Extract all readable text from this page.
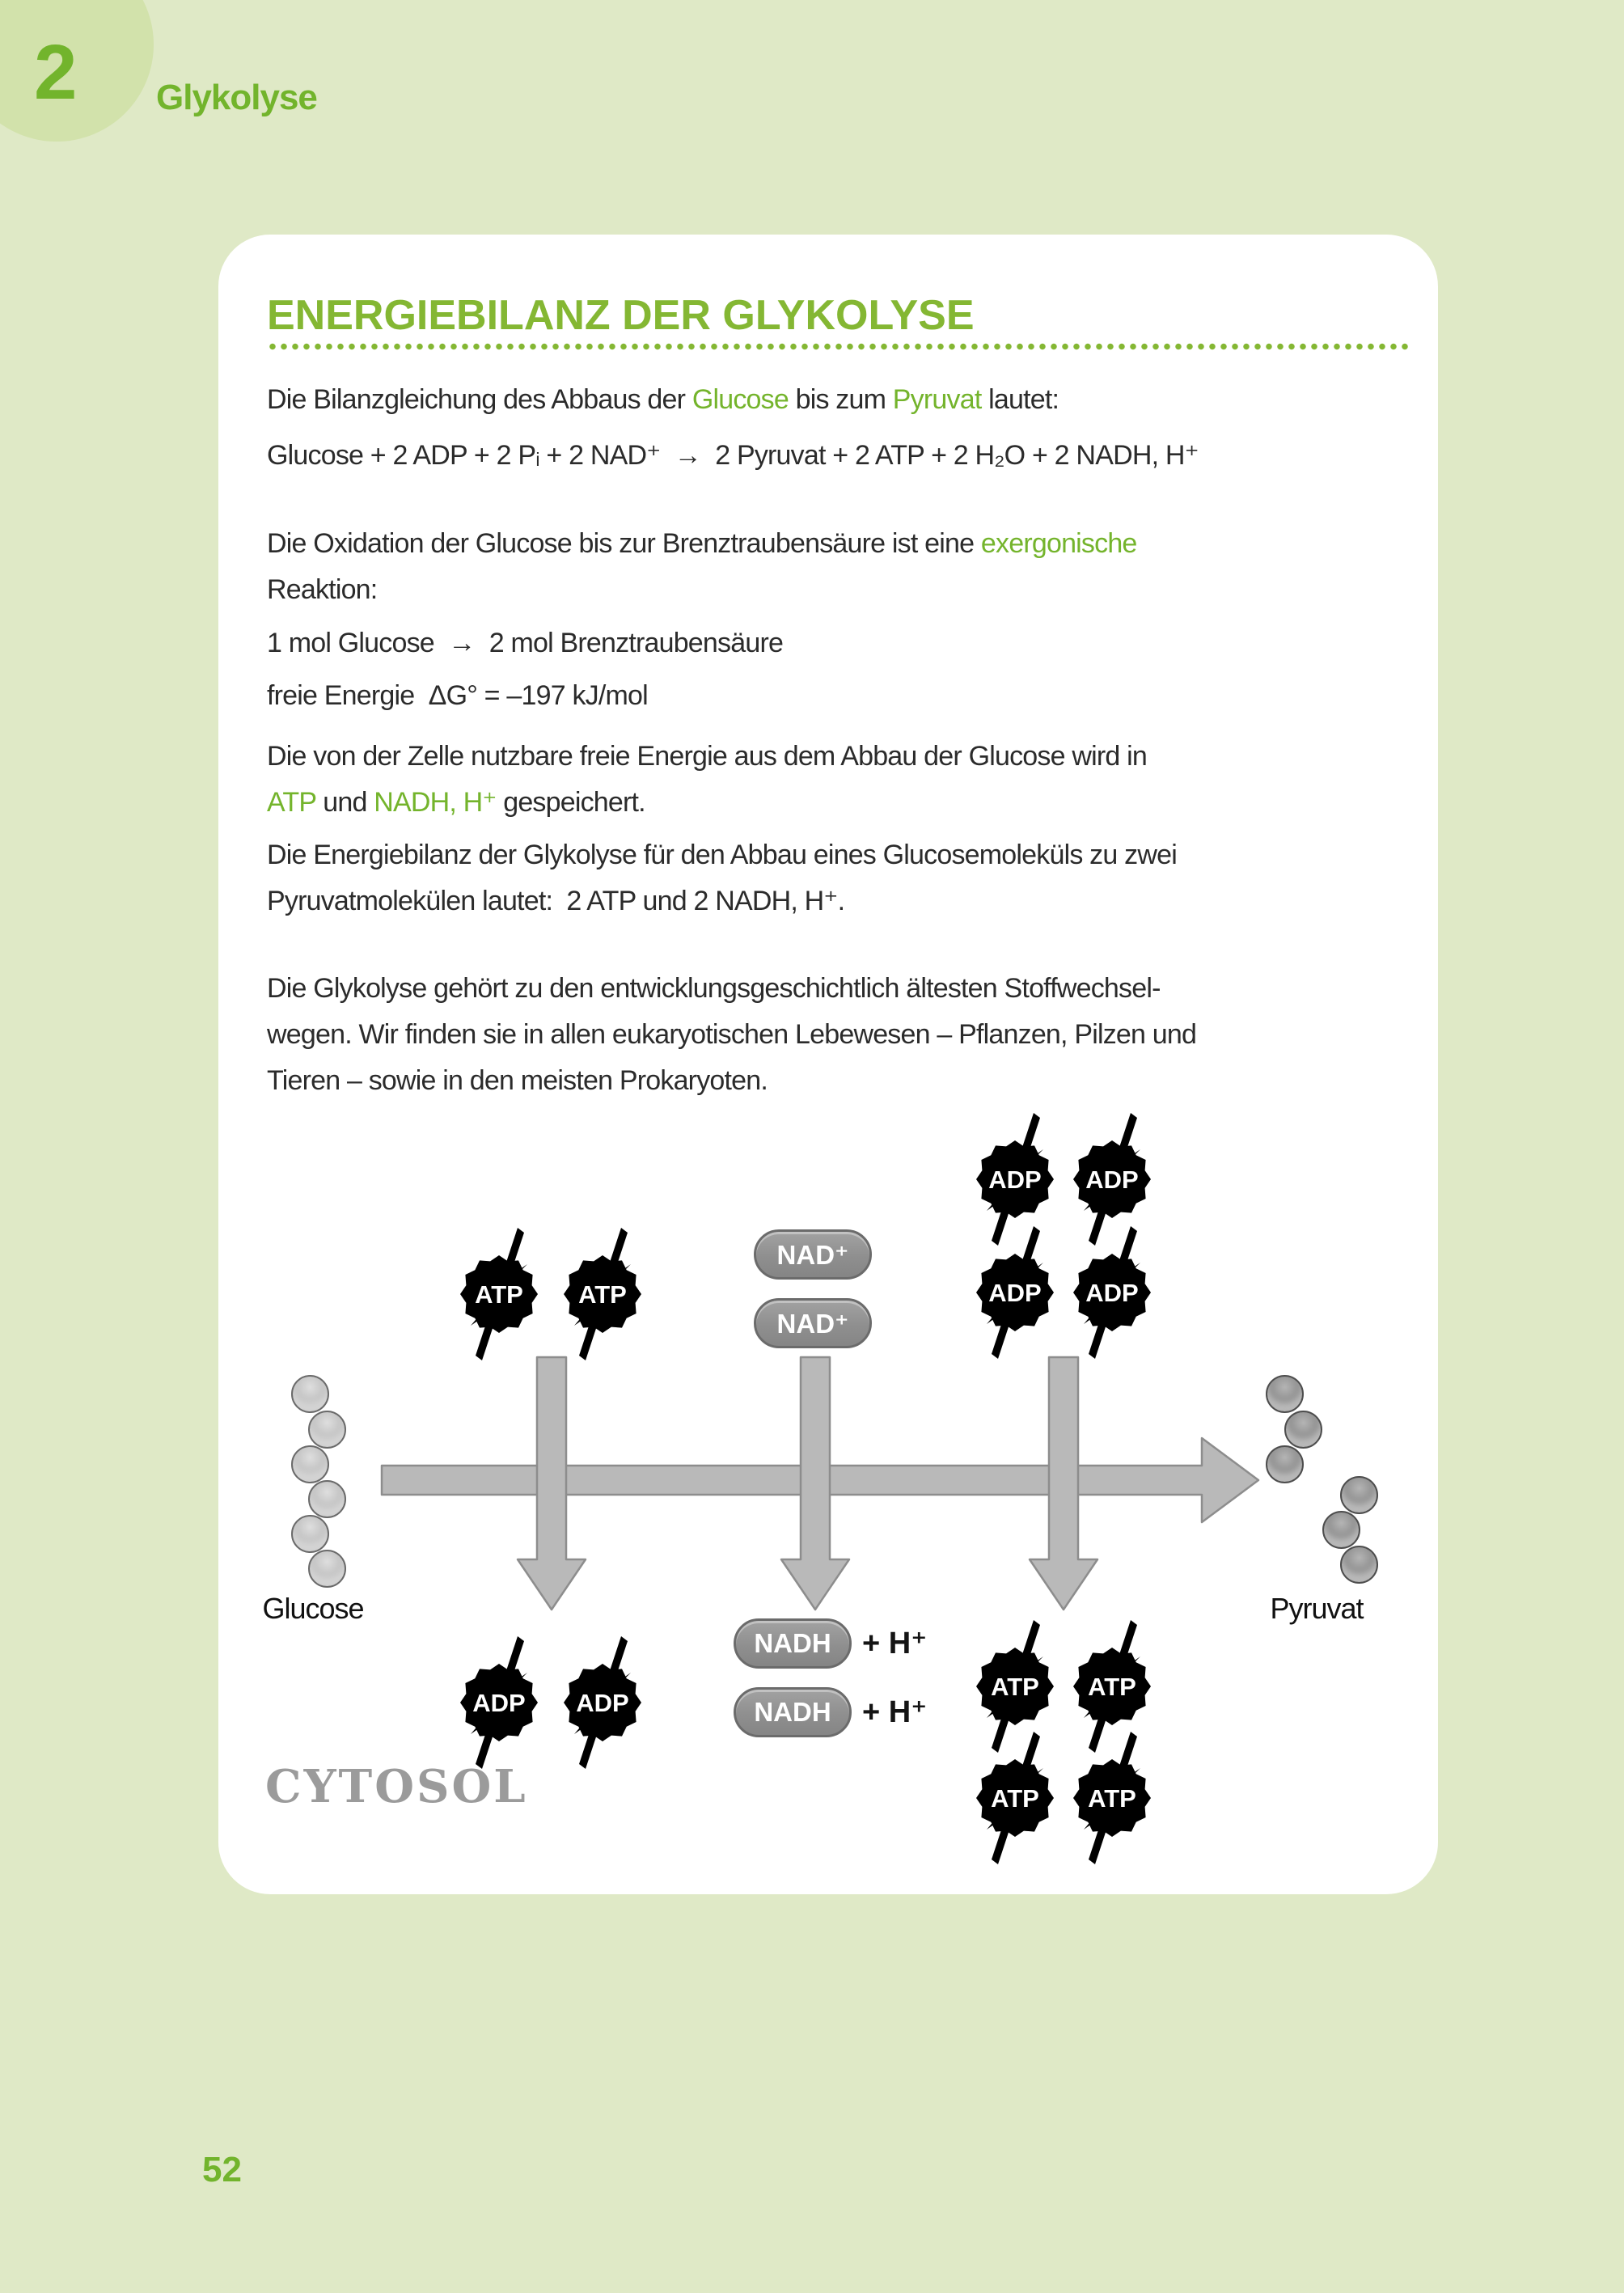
2 Glykolyse
ENERGIEBILANZ DER GLYKOLYSE
Die Bilanzgleichung des Abbaus der Glucose bis zum Pyruvat lautet:
Glucose + 2 ADP + 2 Pᵢ + 2 NAD⁺  →  2 Pyruvat + 2 ATP + 2 H₂O + 2 NADH, H⁺
Die Oxidation der Glucose bis zur Brenztraubensäure ist eine exergonische
Reaktion:
1 mol Glucose  →  2 mol Brenztraubensäure
freie Energie  ΔG° = –197 kJ/mol
Die von der Zelle nutzbare freie Energie aus dem Abbau der Glucose wird in
ATP und NADH, H⁺ gespeichert.
Die Energiebilanz der Glykolyse für den Abbau eines Glucosemoleküls zu zwei
Pyruvatmolekülen lautet:  2 ATP und 2 NADH, H⁺.
Die Glykolyse gehört zu den entwicklungsgeschichtlich ältesten Stoffwechsel-
wegen. Wir finden sie in allen eukaryotischen Lebewesen – Pflanzen, Pilzen und
Tieren – sowie in den meisten Prokaryoten.
Glucose	Pyruvat
ATP ATP
ADP ADP
NAD⁺
NAD⁺
NADH + H⁺
NADH + H⁺
ADP ADP
ADP ADP
ATP ATP
ATP ATP
CYTOSOL
52
